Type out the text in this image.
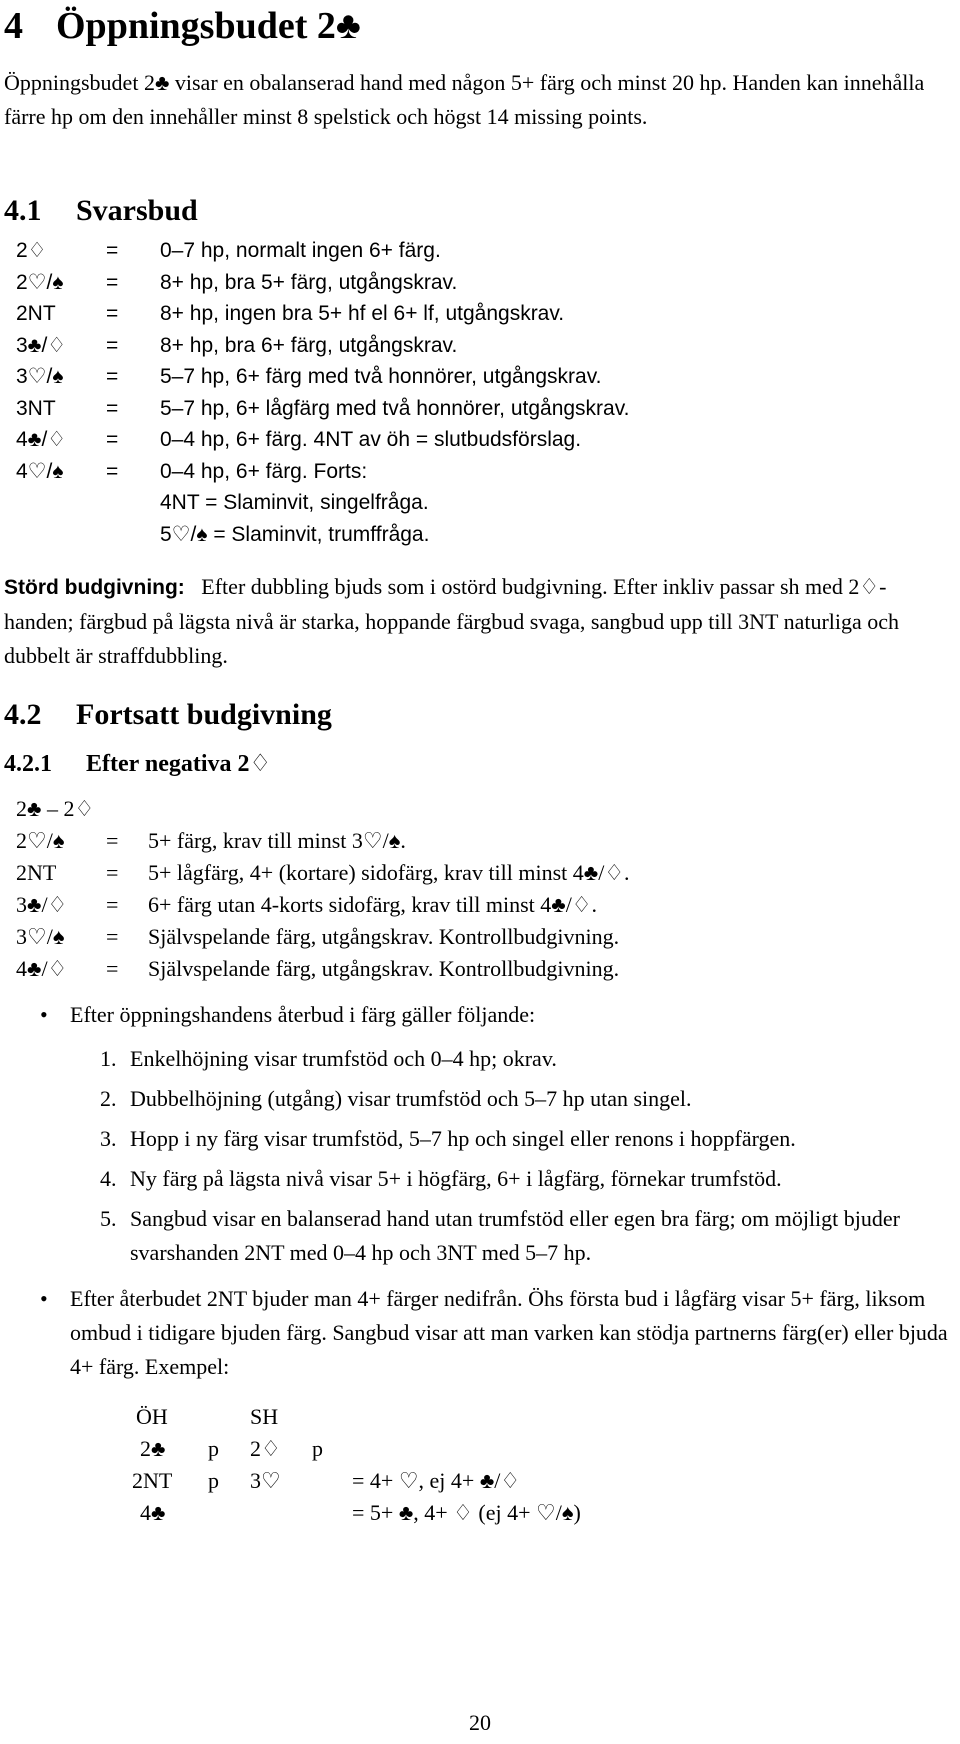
4 Öppningsbudet 2♣
Öppningsbudet 2♣ visar en obalanserad hand med någon 5+ färg och minst 20 hp. Handen kan innehålla färre hp om den innehåller minst 8 spelstick och högst 14 missing points.
4.1 Svarsbud
2♢	= 0–7 hp, normalt ingen 6+ färg.
2♡/♠ = 8+ hp, bra 5+ färg, utgångskrav.
2NT = 8+ hp, ingen bra 5+ hf el 6+ lf, utgångskrav.
3♣/♢ = 8+ hp, bra 6+ färg, utgångskrav.
3♡/♠ = 5–7 hp, 6+ färg med två honnörer, utgångskrav.
3NT = 5–7 hp, 6+ lågfärg med två honnörer, utgångskrav.
4♣/♢ = 0–4 hp, 6+ färg. 4NT av öh = slutbudsförslag.
4♡/♠ = 0–4 hp, 6+ färg. Forts:
4NT = Slaminvit, singelfråga.
5♡/♠ = Slaminvit, trumffråga.
Störd budgivning: Efter dubbling bjuds som i ostörd budgivning. Efter inkliv passar sh med 2♢-handen; färgbud på lägsta nivå är starka, hoppande färgbud svaga, sangbud upp till 3NT naturliga och dubbelt är straffdubbling.
4.2 Fortsatt budgivning
4.2.1 Efter negativa 2♢
2♣ – 2♢
2♡/♠ = 5+ färg, krav till minst 3♡/♠.
2NT = 5+ lågfärg, 4+ (kortare) sidofärg, krav till minst 4♣/♢.
3♣/♢ = 6+ färg utan 4-korts sidofärg, krav till minst 4♣/♢.
3♡/♠ = Självspelande färg, utgångskrav. Kontrollbudgivning.
4♣/♢ = Självspelande färg, utgångskrav. Kontrollbudgivning.
• Efter öppningshandens återbud i färg gäller följande:
1. Enkelhöjning visar trumfstöd och 0–4 hp; okrav.
2. Dubbelhöjning (utgång) visar trumfstöd och 5–7 hp utan singel.
3. Hopp i ny färg visar trumfstöd, 5–7 hp och singel eller renons i hoppfärgen.
4. Ny färg på lägsta nivå visar 5+ i högfärg, 6+ i lågfärg, förnekar trumfstöd.
5. Sangbud visar en balanserad hand utan trumfstöd eller egen bra färg; om möjligt bjuder svarshanden 2NT med 0–4 hp och 3NT med 5–7 hp.
• Efter återbudet 2NT bjuder man 4+ färger nedifrån. Öhs första bud i lågfärg visar 5+ färg, liksom ombud i tidigare bjuden färg. Sangbud visar att man varken kan stödja partnerns färg(er) eller bjuda 4+ färg. Exempel:
ÖH	SH
2♣ p 2♢ p
2NT p 3♡	= 4+ ♡, ej 4+ ♣/♢
4♣	= 5+ ♣, 4+ ♢ (ej 4+ ♡/♠)
20
